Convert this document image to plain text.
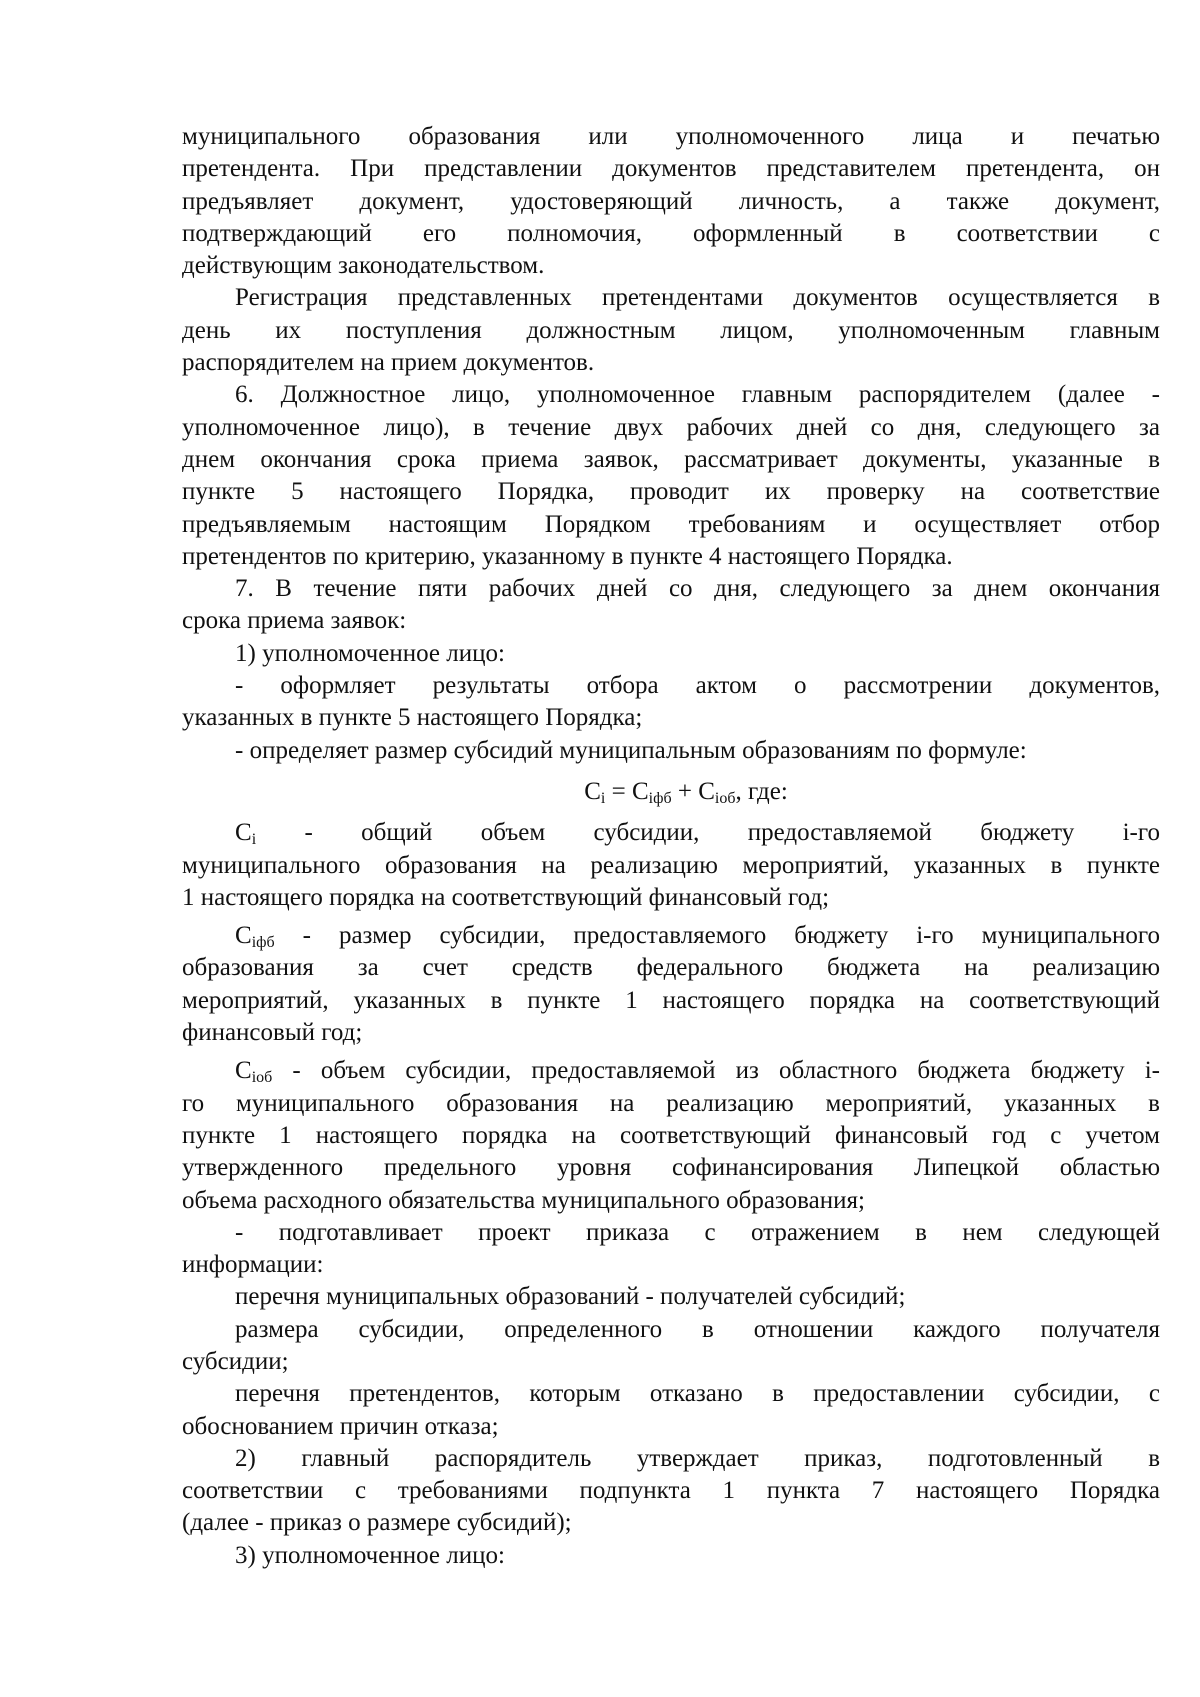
муниципального образования или уполномоченного лица и печатью
претендента. При представлении документов представителем претендента, он
предъявляет документ, удостоверяющий личность, а также документ,
подтверждающий его полномочия, оформленный в соответствии с
действующим законодательством.
Регистрация представленных претендентами документов осуществляется в
день их поступления должностным лицом, уполномоченным главным
распорядителем на прием документов.
6. Должностное лицо, уполномоченное главным распорядителем (далее -
уполномоченное лицо), в течение двух рабочих дней со дня, следующего за
днем окончания срока приема заявок, рассматривает документы, указанные в
пункте 5 настоящего Порядка, проводит их проверку на соответствие
предъявляемым настоящим Порядком требованиям и осуществляет отбор
претендентов по критерию, указанному в пункте 4 настоящего Порядка.
7. В течение пяти рабочих дней со дня, следующего за днем окончания
срока приема заявок:
1) уполномоченное лицо:
- оформляет результаты отбора актом о рассмотрении документов,
указанных в пункте 5 настоящего Порядка;
- определяет размер субсидий муниципальным образованиям по формуле:
$C_i = C_{iфб} + C_{iоб}$, где:
$C_i$ - общий объем субсидии, предоставляемой бюджету i-го
муниципального образования на реализацию мероприятий, указанных в пункте
1 настоящего порядка на соответствующий финансовый год;
$C_{iфб}$ - размер субсидии, предоставляемого бюджету i-го муниципального
образования за счет средств федерального бюджета на реализацию
мероприятий, указанных в пункте 1 настоящего порядка на соответствующий
финансовый год;
$C_{iоб}$ - объем субсидии, предоставляемой из областного бюджета бюджету i-
го муниципального образования на реализацию мероприятий, указанных в
пункте 1 настоящего порядка на соответствующий финансовый год с учетом
утвержденного предельного уровня софинансирования Липецкой областью
объема расходного обязательства муниципального образования;
- подготавливает проект приказа с отражением в нем следующей
информации:
перечня муниципальных образований - получателей субсидий;
размера субсидии, определенного в отношении каждого получателя
субсидии;
перечня претендентов, которым отказано в предоставлении субсидии, с
обоснованием причин отказа;
2) главный распорядитель утверждает приказ, подготовленный в
соответствии с требованиями подпункта 1 пункта 7 настоящего Порядка
(далее - приказ о размере субсидий);
3) уполномоченное лицо:
